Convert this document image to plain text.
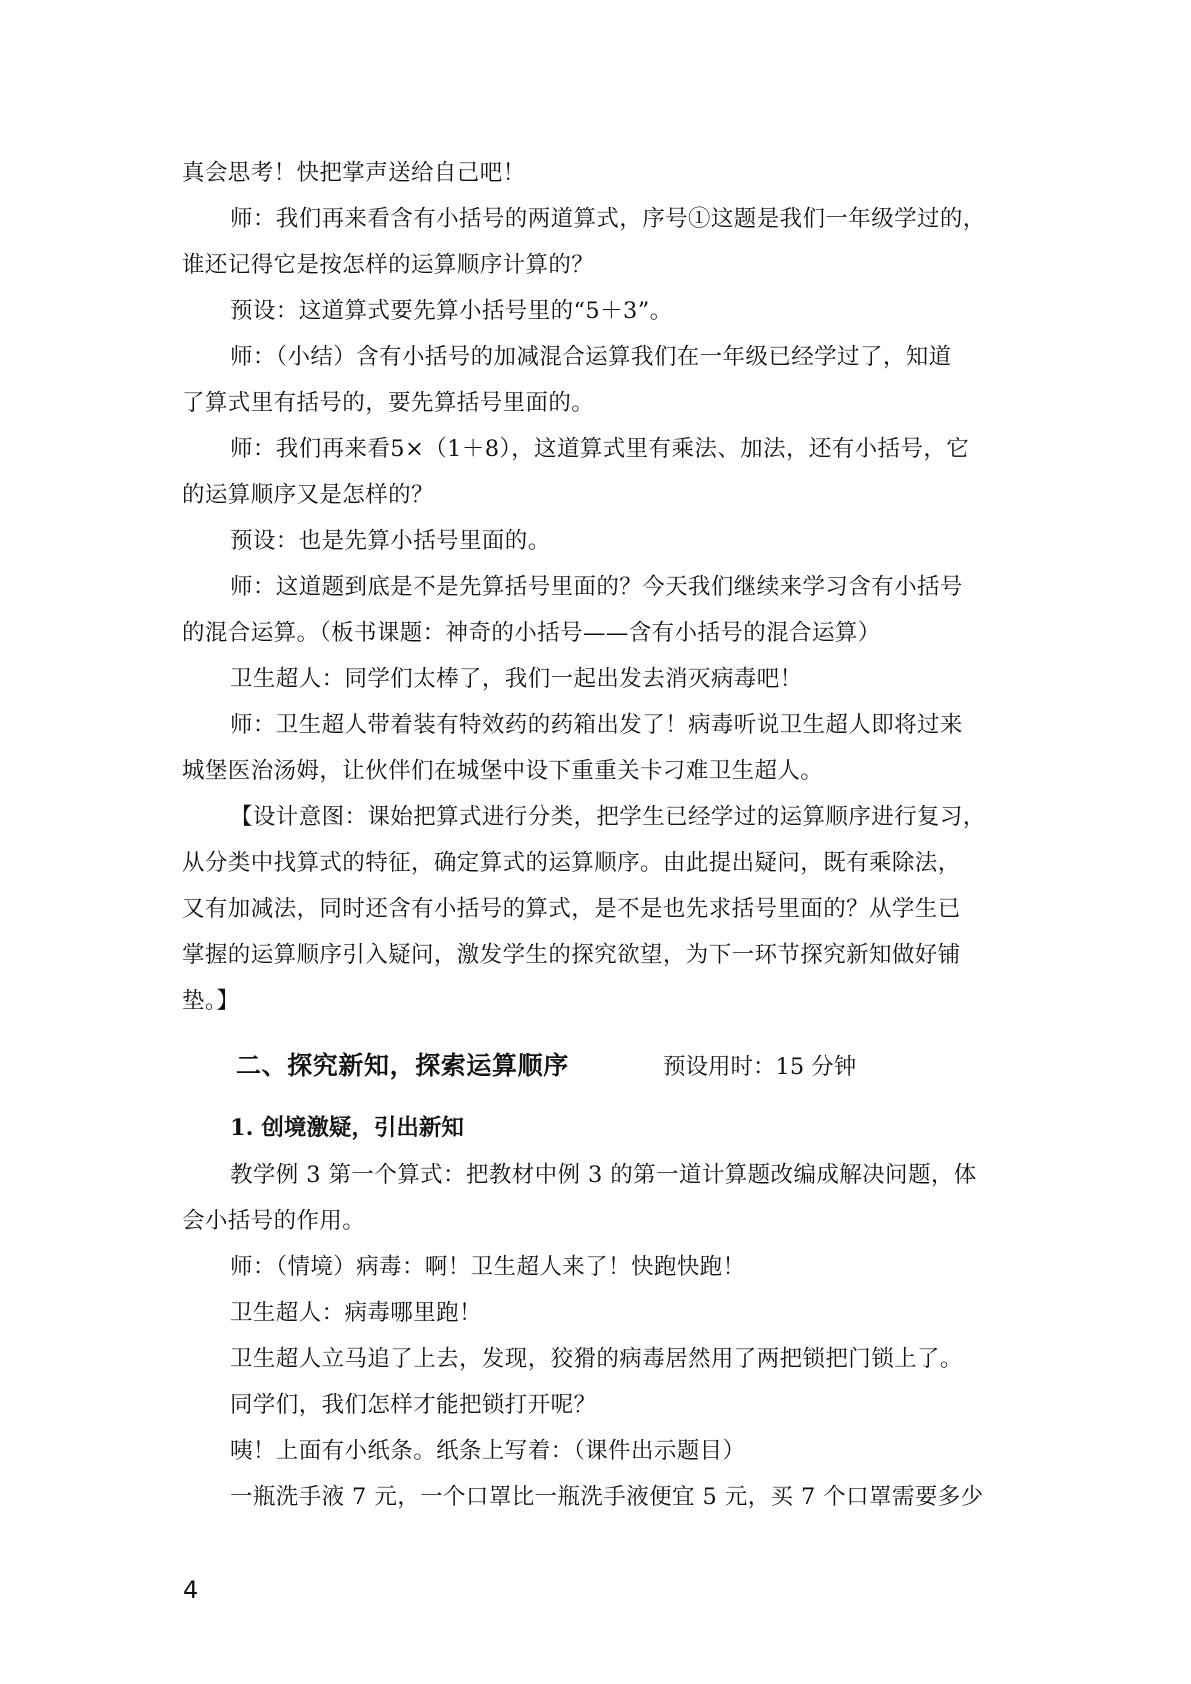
真会思考！快把掌声送给自己吧！
师：我们再来看含有小括号的两道算式，序号①这题是我们一年级学过的，
谁还记得它是按怎样的运算顺序计算的？
预设：这道算式要先算小括号里的“5＋3”。
师：（小结）含有小括号的加减混合运算我们在一年级已经学过了，知道
了算式里有括号的，要先算括号里面的。
师：我们再来看5×（1＋8），这道算式里有乘法、加法，还有小括号，它
的运算顺序又是怎样的？
预设：也是先算小括号里面的。
师：这道题到底是不是先算括号里面的？今天我们继续来学习含有小括号
的混合运算。（板书课题：神奇的小括号——含有小括号的混合运算）
卫生超人：同学们太棒了，我们一起出发去消灭病毒吧！
师：卫生超人带着装有特效药的药箱出发了！病毒听说卫生超人即将过来
城堡医治汤姆，让伙伴们在城堡中设下重重关卡刁难卫生超人。
【设计意图：课始把算式进行分类，把学生已经学过的运算顺序进行复习，
从分类中找算式的特征，确定算式的运算顺序。由此提出疑问，既有乘除法，
又有加减法，同时还含有小括号的算式，是不是也先求括号里面的？从学生已
掌握的运算顺序引入疑问，激发学生的探究欲望，为下一环节探究新知做好铺
垫。】
二、探究新知，探索运算顺序	预设用时：15 分钟
1. 创境激疑，引出新知
教学例 3 第一个算式：把教材中例 3 的第一道计算题改编成解决问题，体
会小括号的作用。
师：（情境）病毒：啊！卫生超人来了！快跑快跑！
卫生超人：病毒哪里跑！
卫生超人立马追了上去，发现，狡猾的病毒居然用了两把锁把门锁上了。
同学们，我们怎样才能把锁打开呢？
咦！上面有小纸条。纸条上写着：（课件出示题目）
一瓶洗手液 7 元，一个口罩比一瓶洗手液便宜 5 元，买 7 个口罩需要多少
4
